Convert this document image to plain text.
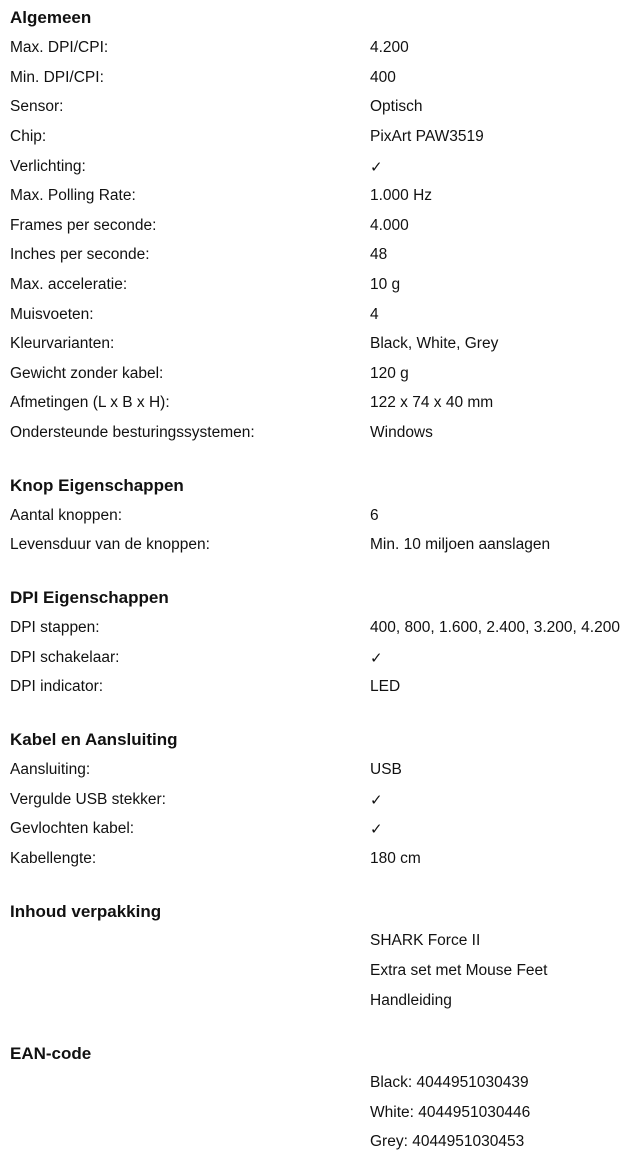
Algemeen
Max. DPI/CPI:	4.200
Min. DPI/CPI:	400
Sensor:	Optisch
Chip:	PixArt PAW3519
Verlichting:	✓
Max. Polling Rate:	1.000 Hz
Frames per seconde:	4.000
Inches per seconde:	48
Max. acceleratie:	10 g
Muisvoeten:	4
Kleurvarianten:	Black, White, Grey
Gewicht zonder kabel:	120 g
Afmetingen (L x B x H):	122 x 74 x 40 mm
Ondersteunde besturingssystemen:	Windows
Knop Eigenschappen
Aantal knoppen:	6
Levensduur van de knoppen:	Min. 10 miljoen aanslagen
DPI Eigenschappen
DPI stappen:	400, 800, 1.600, 2.400, 3.200, 4.200
DPI schakelaar:	✓
DPI indicator:	LED
Kabel en Aansluiting
Aansluiting:	USB
Vergulde USB stekker:	✓
Gevlochten kabel:	✓
Kabellengte:	180 cm
Inhoud verpakking
SHARK Force II
Extra set met Mouse Feet
Handleiding
EAN-code
Black: 4044951030439
White: 4044951030446
Grey: 4044951030453
